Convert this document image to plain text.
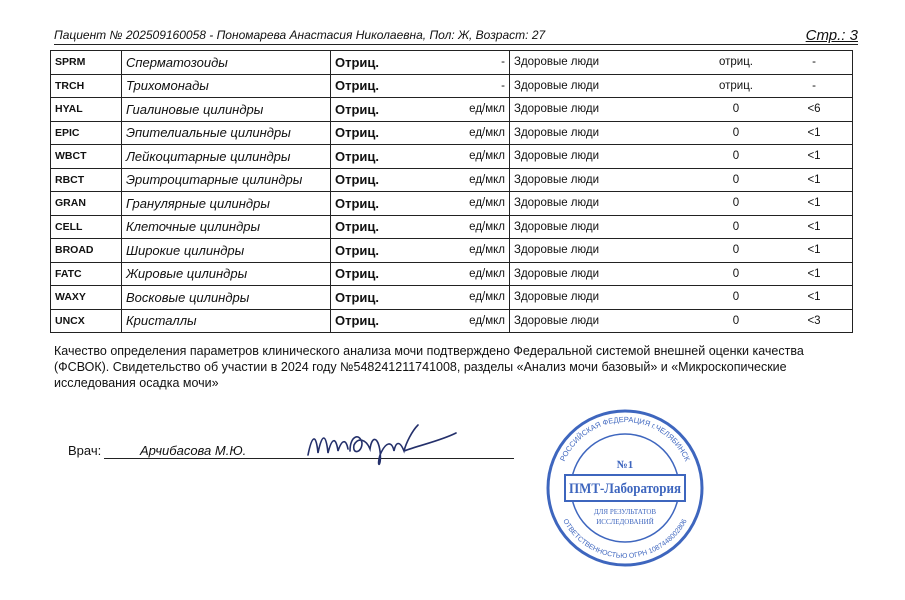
Пациент № 202509160058 - Пономарева Анастасия Николаевна, Пол: Ж, Возраст: 27	Стр.: 3
SPRM	Сперматозоиды	Отриц. -	Здоровые люди отриц. -

TRCH	Трихомонады	Отриц. -	Здоровые люди отриц. -

HYAL	Гиалиновые цилиндры	Отриц. ед/мкл	Здоровые люди 0 <6

EPIC	Эпителиальные цилиндры	Отриц. ед/мкл	Здоровые люди 0 <1

WBCT	Лейкоцитарные цилиндры	Отриц. ед/мкл	Здоровые люди 0 <1

RBCT	Эритроцитарные цилиндры	Отриц. ед/мкл	Здоровые люди 0 <1

GRAN	Гранулярные цилиндры	Отриц. ед/мкл	Здоровые люди 0 <1

CELL	Клеточные цилиндры	Отриц. ед/мкл	Здоровые люди 0 <1

BROAD	Широкие цилиндры	Отриц. ед/мкл	Здоровые люди 0 <1

FATC	Жировые цилиндры	Отриц. ед/мкл	Здоровые люди 0 <1

WAXY	Восковые цилиндры	Отриц. ед/мкл	Здоровые люди 0 <1

UNCX	Кристаллы	Отриц. ед/мкл	Здоровые люди 0 <3
Качество определения параметров клинического анализа мочи подтверждено Федеральной системой внешней оценки качества (ФСВОК). Свидетельство об участии в 2024 году №548241211741008, разделы «Анализ мочи базовый» и «Микроскопические исследования осадка мочи»
Врач:	Арчибасова М.Ю.
РОССИЙСКАЯ ФЕДЕРАЦИЯ г.ЧЕЛЯБИНСК
ОТВЕТСТВЕННОСТЬЮ ОГРН 1087448002806
№1
ПМТ-Лаборатория
ДЛЯ РЕЗУЛЬТАТОВ
ИССЛЕДОВАНИЙ
